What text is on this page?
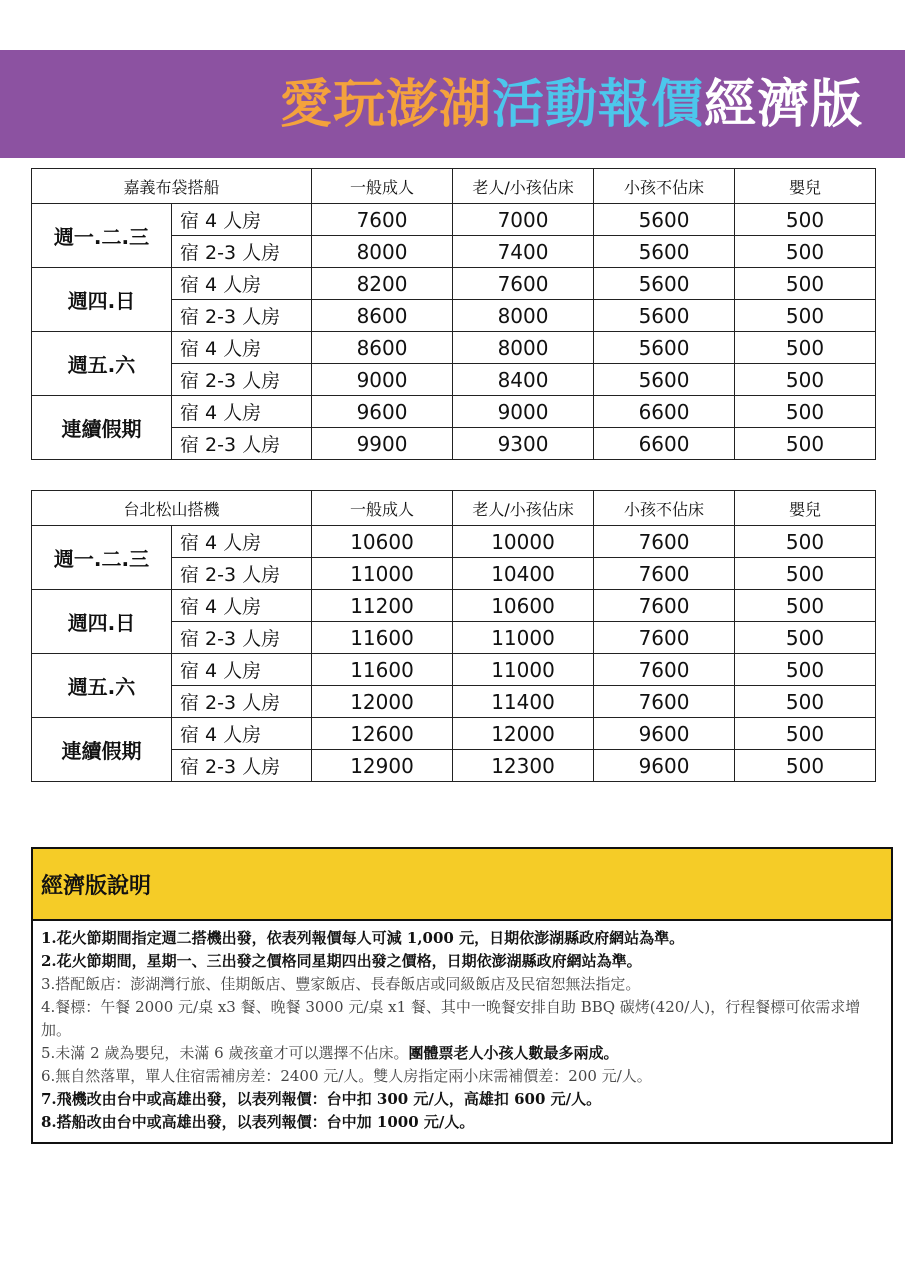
愛玩澎湖活動報價經濟版
嘉義布袋搭船		一般成人	老人/小孩佔床	小孩不佔床	嬰兒
週一.二.三	宿 4 人房	7600	7000	5600	500
	宿 2-3 人房	8000	7400	5600	500
週四.日	宿 4 人房	8200	7600	5600	500
	宿 2-3 人房	8600	8000	5600	500
週五.六	宿 4 人房	8600	8000	5600	500
	宿 2-3 人房	9000	8400	5600	500
連續假期	宿 4 人房	9600	9000	6600	500
	宿 2-3 人房	9900	9300	6600	500
台北松山搭機		一般成人	老人/小孩佔床	小孩不佔床	嬰兒
週一.二.三	宿 4 人房	10600	10000	7600	500
	宿 2-3 人房	11000	10400	7600	500
週四.日	宿 4 人房	11200	10600	7600	500
	宿 2-3 人房	11600	11000	7600	500
週五.六	宿 4 人房	11600	11000	7600	500
	宿 2-3 人房	12000	11400	7600	500
連續假期	宿 4 人房	12600	12000	9600	500
	宿 2-3 人房	12900	12300	9600	500
經濟版說明
1.花火節期間指定週二搭機出發，依表列報價每人可減 1,000 元，日期依澎湖縣政府網站為準。
2.花火節期間，星期一、三出發之價格同星期四出發之價格，日期依澎湖縣政府網站為準。
3.搭配飯店：澎湖灣行旅、佳期飯店、豐家飯店、長春飯店或同級飯店及民宿恕無法指定。
4.餐標：午餐 2000 元/桌 x3 餐、晚餐 3000 元/桌 x1 餐、其中一晚餐安排自助 BBQ 碳烤(420/人)，行程餐標可依需求增加。
5.未滿 2 歲為嬰兒，未滿 6 歲孩童才可以選擇不佔床。團體票老人小孩人數最多兩成。
6.無自然落單，單人住宿需補房差：2400 元/人。雙人房指定兩小床需補價差：200 元/人。
7.飛機改由台中或高雄出發，以表列報價：台中扣 300 元/人，高雄扣 600 元/人。
8.搭船改由台中或高雄出發，以表列報價：台中加 1000 元/人。
